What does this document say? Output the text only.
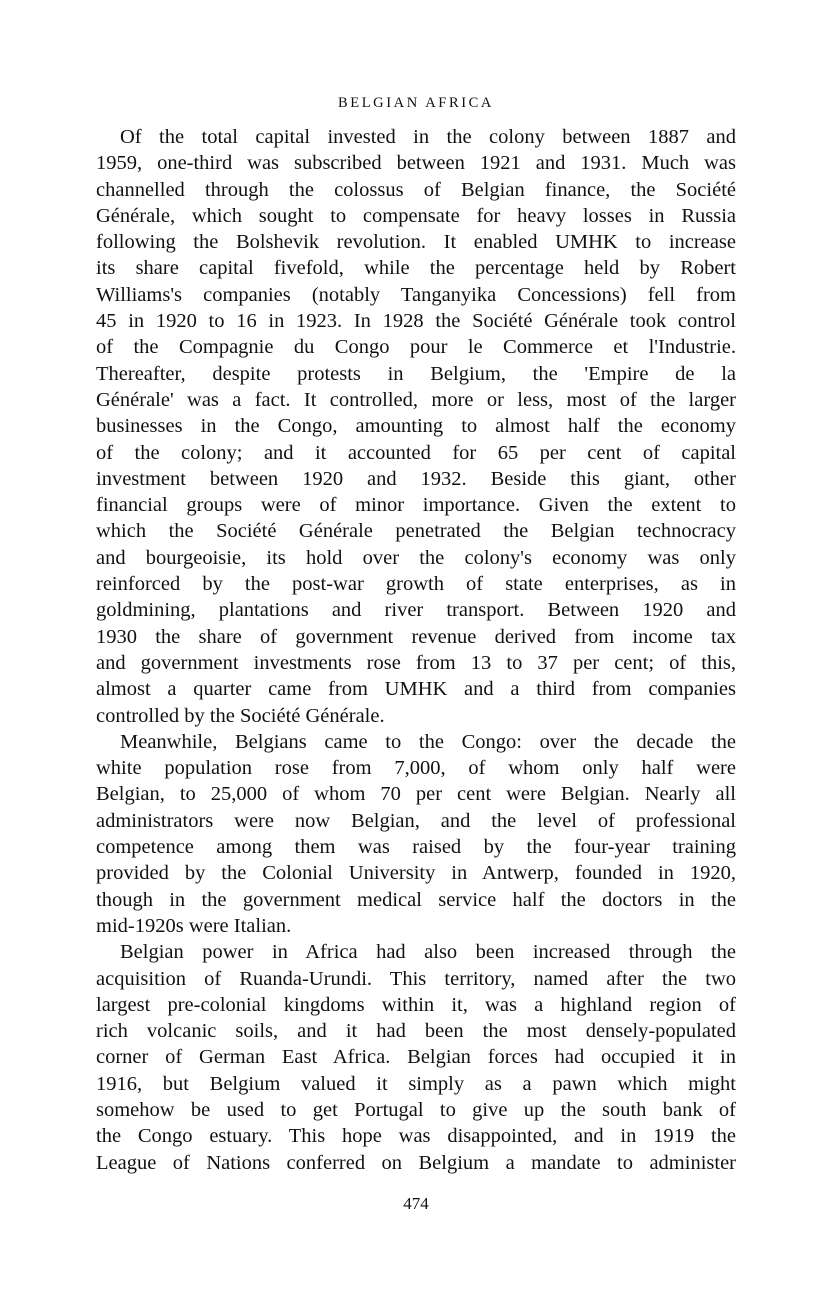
BELGIAN AFRICA
Of the total capital invested in the colony between 1887 and
1959, one-third was subscribed between 1921 and 1931. Much was
channelled through the colossus of Belgian finance, the Société
Générale, which sought to compensate for heavy losses in Russia
following the Bolshevik revolution. It enabled UMHK to increase
its share capital fivefold, while the percentage held by Robert
Williams's companies (notably Tanganyika Concessions) fell from
45 in 1920 to 16 in 1923. In 1928 the Société Générale took control
of the Compagnie du Congo pour le Commerce et l'Industrie.
Thereafter, despite protests in Belgium, the 'Empire de la
Générale' was a fact. It controlled, more or less, most of the larger
businesses in the Congo, amounting to almost half the economy
of the colony; and it accounted for 65 per cent of capital
investment between 1920 and 1932. Beside this giant, other
financial groups were of minor importance. Given the extent to
which the Société Générale penetrated the Belgian technocracy
and bourgeoisie, its hold over the colony's economy was only
reinforced by the post-war growth of state enterprises, as in
goldmining, plantations and river transport. Between 1920 and
1930 the share of government revenue derived from income tax
and government investments rose from 13 to 37 per cent; of this,
almost a quarter came from UMHK and a third from companies
controlled by the Société Générale.
Meanwhile, Belgians came to the Congo: over the decade the
white population rose from 7,000, of whom only half were
Belgian, to 25,000 of whom 70 per cent were Belgian. Nearly all
administrators were now Belgian, and the level of professional
competence among them was raised by the four-year training
provided by the Colonial University in Antwerp, founded in 1920,
though in the government medical service half the doctors in the
mid-1920s were Italian.
Belgian power in Africa had also been increased through the
acquisition of Ruanda-Urundi. This territory, named after the two
largest pre-colonial kingdoms within it, was a highland region of
rich volcanic soils, and it had been the most densely-populated
corner of German East Africa. Belgian forces had occupied it in
1916, but Belgium valued it simply as a pawn which might
somehow be used to get Portugal to give up the south bank of
the Congo estuary. This hope was disappointed, and in 1919 the
League of Nations conferred on Belgium a mandate to administer
474
